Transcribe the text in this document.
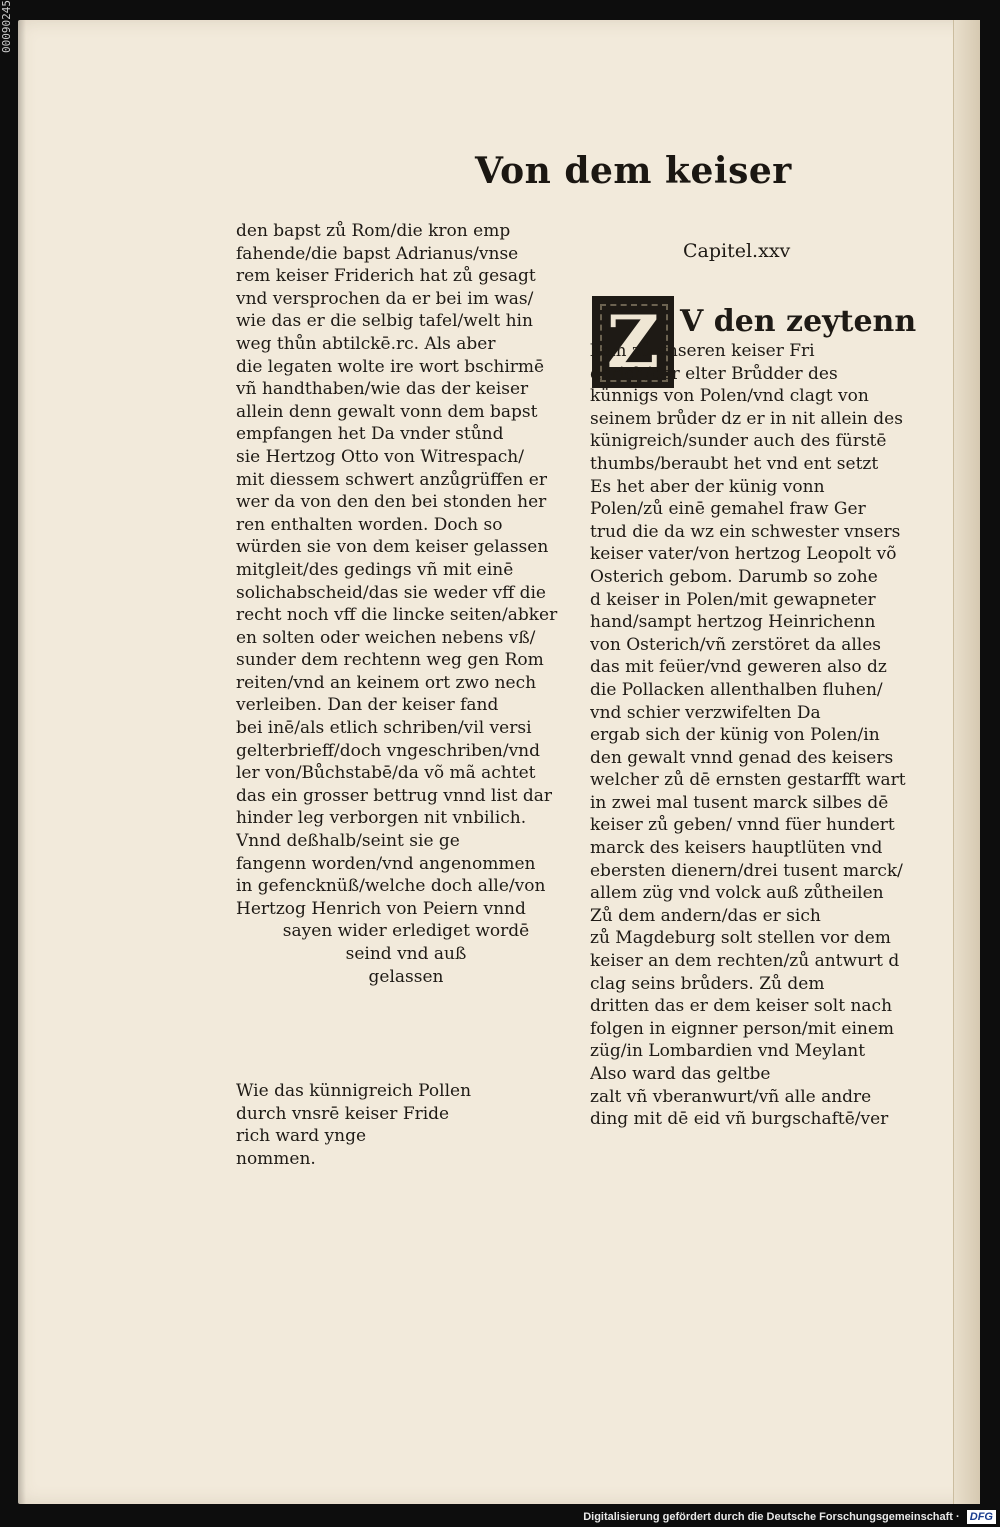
00090245
Von dem keiser
den bapst zů Rom/die kron emp
fahende/die bapst Adrianus/vnse
rem keiser Friderich hat zů gesagt
vnd versprochen da er bei im was/
wie das er die selbig tafel/welt hin
weg thůn abtilckē.rc. Als aber
die legaten wolte ire wort bschirmē
vñ handthaben/wie das der keiser
allein denn gewalt vonn dem bapst
empfangen het Da vnder stůnd
sie Hertzog Otto von Witrespach/
mit diessem schwert anzůgrüffen er
wer da von den den bei stonden her
ren enthalten worden. Doch so
würden sie von dem keiser gelassen
mitgleit/des gedings vñ mit einē
solichabscheid/das sie weder vff die
recht noch vff die lincke seiten/abker
en solten oder weichen nebens vß/
sunder dem rechtenn weg gen Rom
reiten/vnd an keinem ort zwo nech
verleiben. Dan der keiser fand
bei inē/als etlich schriben/vil versi
gelterbrieff/doch vngeschriben/vnd
ler von/Bůchstabē/da võ mã achtet
das ein grosser bettrug vnnd list dar
hinder leg verborgen nit vnbilich.
Vnnd deßhalb/seint sie ge
fangenn worden/vnd angenommen
in gefencknüß/welche doch alle/von
Hertzog Henrich von Peiern vnnd
sayen wider erlediget wordē
seind vnd auß
gelassen
Wie das künnigreich Pollen
durch vnsrē keiser Fride
rich ward ynge
nommen.
Capitel.xxv
Z V den zeytenn
kam zů vnseren keiser Fri
derich/der elter Brůdder des
künnigs von Polen/vnd clagt von
seinem brůder dz er in nit allein des
künigreich/sunder auch des fürstē
thumbs/beraubt het vnd ent setzt
Es het aber der künig vonn
Polen/zů einē gemahel fraw Ger
trud die da wz ein schwester vnsers
keiser vater/von hertzog Leopolt võ
Osterich gebom. Darumb so zohe
d keiser in Polen/mit gewapneter
hand/sampt hertzog Heinrichenn
von Osterich/vñ zerstöret da alles
das mit feüer/vnd geweren also dz
die Pollacken allenthalben fluhen/
vnd schier verzwifelten Da
ergab sich der künig von Polen/in
den gewalt vnnd genad des keisers
welcher zů dē ernsten gestarfft wart
in zwei mal tusent marck silbes dē
keiser zů geben/ vnnd füer hundert
marck des keisers hauptlüten vnd
ebersten dienern/drei tusent marck/
allem züg vnd volck auß zůtheilen
Zů dem andern/das er sich
zů Magdeburg solt stellen vor dem
keiser an dem rechten/zů antwurt d
clag seins brůders. Zů dem
dritten das er dem keiser solt nach
folgen in eignner person/mit einem
züg/in Lombardien vnd Meylant
Also ward das geltbe
zalt vñ vberanwurt/vñ alle andre
ding mit dē eid vñ burgschaftē/ver
Digitalisierung gefördert durch die Deutsche Forschungsgemeinschaft · DFG
